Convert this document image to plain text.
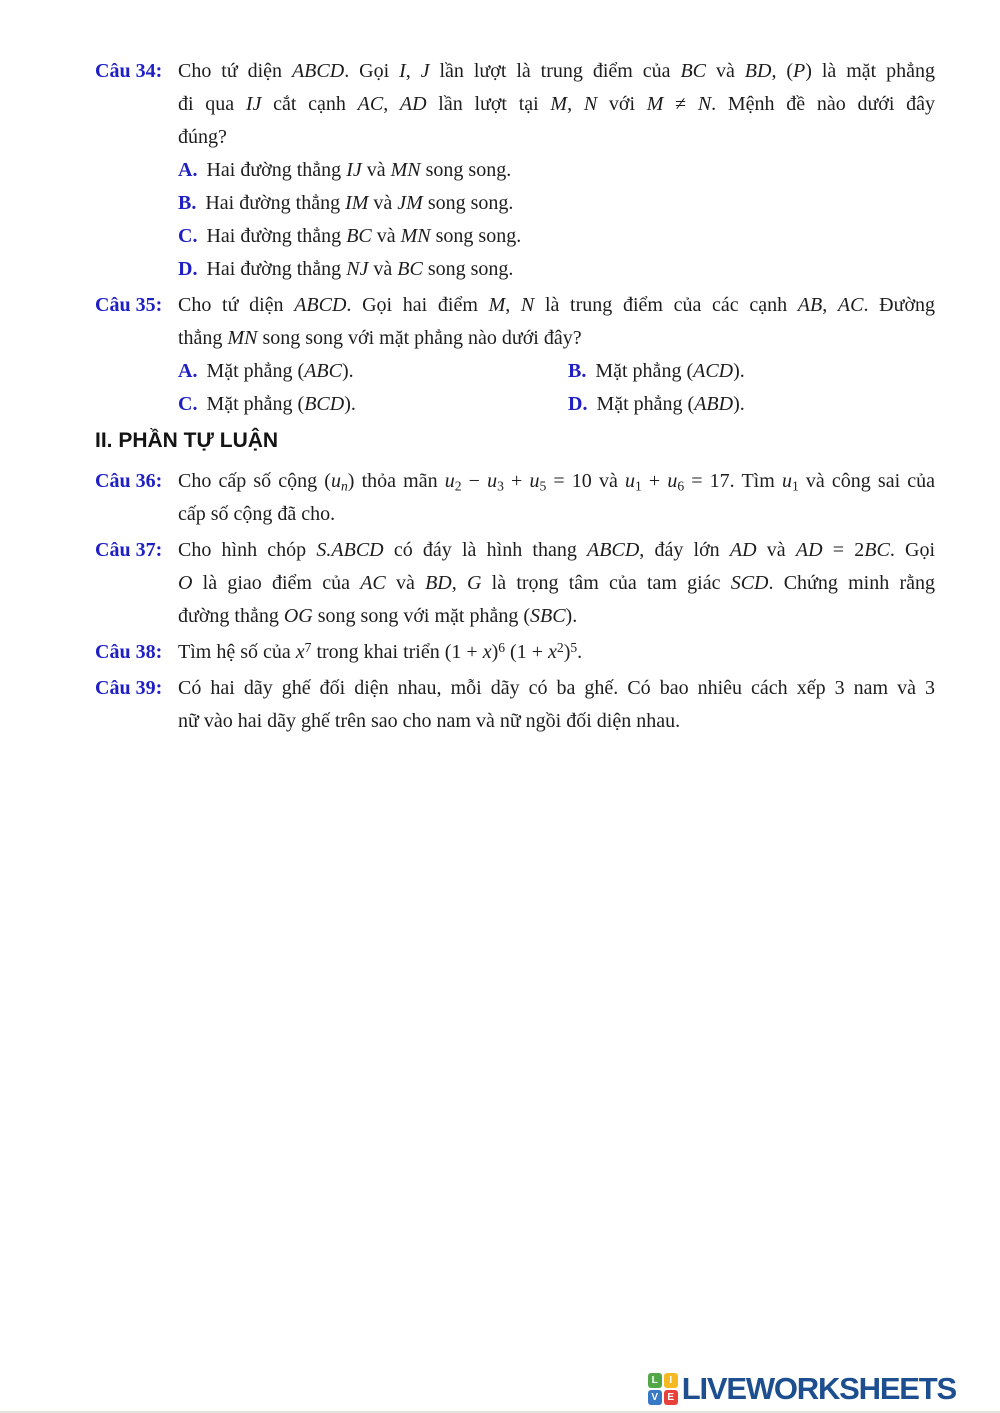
Câu 34: Cho tứ diện ABCD. Gọi I, J lần lượt là trung điểm của BC và BD, (P) là mặt phẳng
đi qua IJ cắt cạnh AC, AD lần lượt tại M, N với M ≠ N. Mệnh đề nào dưới đây
đúng?
A. Hai đường thẳng IJ và MN song song.
B. Hai đường thẳng IM và JM song song.
C. Hai đường thẳng BC và MN song song.
D. Hai đường thẳng NJ và BC song song.
Câu 35: Cho tứ diện ABCD. Gọi hai điểm M, N là trung điểm của các cạnh AB, AC. Đường
thẳng MN song song với mặt phẳng nào dưới đây?
A. Mặt phẳng (ABC).	B. Mặt phẳng (ACD).
C. Mặt phẳng (BCD).	D. Mặt phẳng (ABD).
II. PHẦN TỰ LUẬN
Câu 36: Cho cấp số cộng $(u_n)$ thỏa mãn $u_2 - u_3 + u_5 = 10$ và $u_1 + u_6 = 17$. Tìm $u_1$ và công sai của
cấp số cộng đã cho.
Câu 37: Cho hình chóp S.ABCD có đáy là hình thang ABCD, đáy lớn AD và AD = 2BC. Gọi
O là giao điểm của AC và BD, G là trọng tâm của tam giác SCD. Chứng minh rằng
đường thẳng OG song song với mặt phẳng (SBC).
Câu 38: Tìm hệ số của $x^7$ trong khai triển $(1 + x)^6$ $(1 + x^2)^5$.
Câu 39: Có hai dãy ghế đối diện nhau, mỗi dãy có ba ghế. Có bao nhiêu cách xếp 3 nam và 3
nữ vào hai dãy ghế trên sao cho nam và nữ ngồi đối diện nhau.
L	I
V E LIVEWORKSHEETS
